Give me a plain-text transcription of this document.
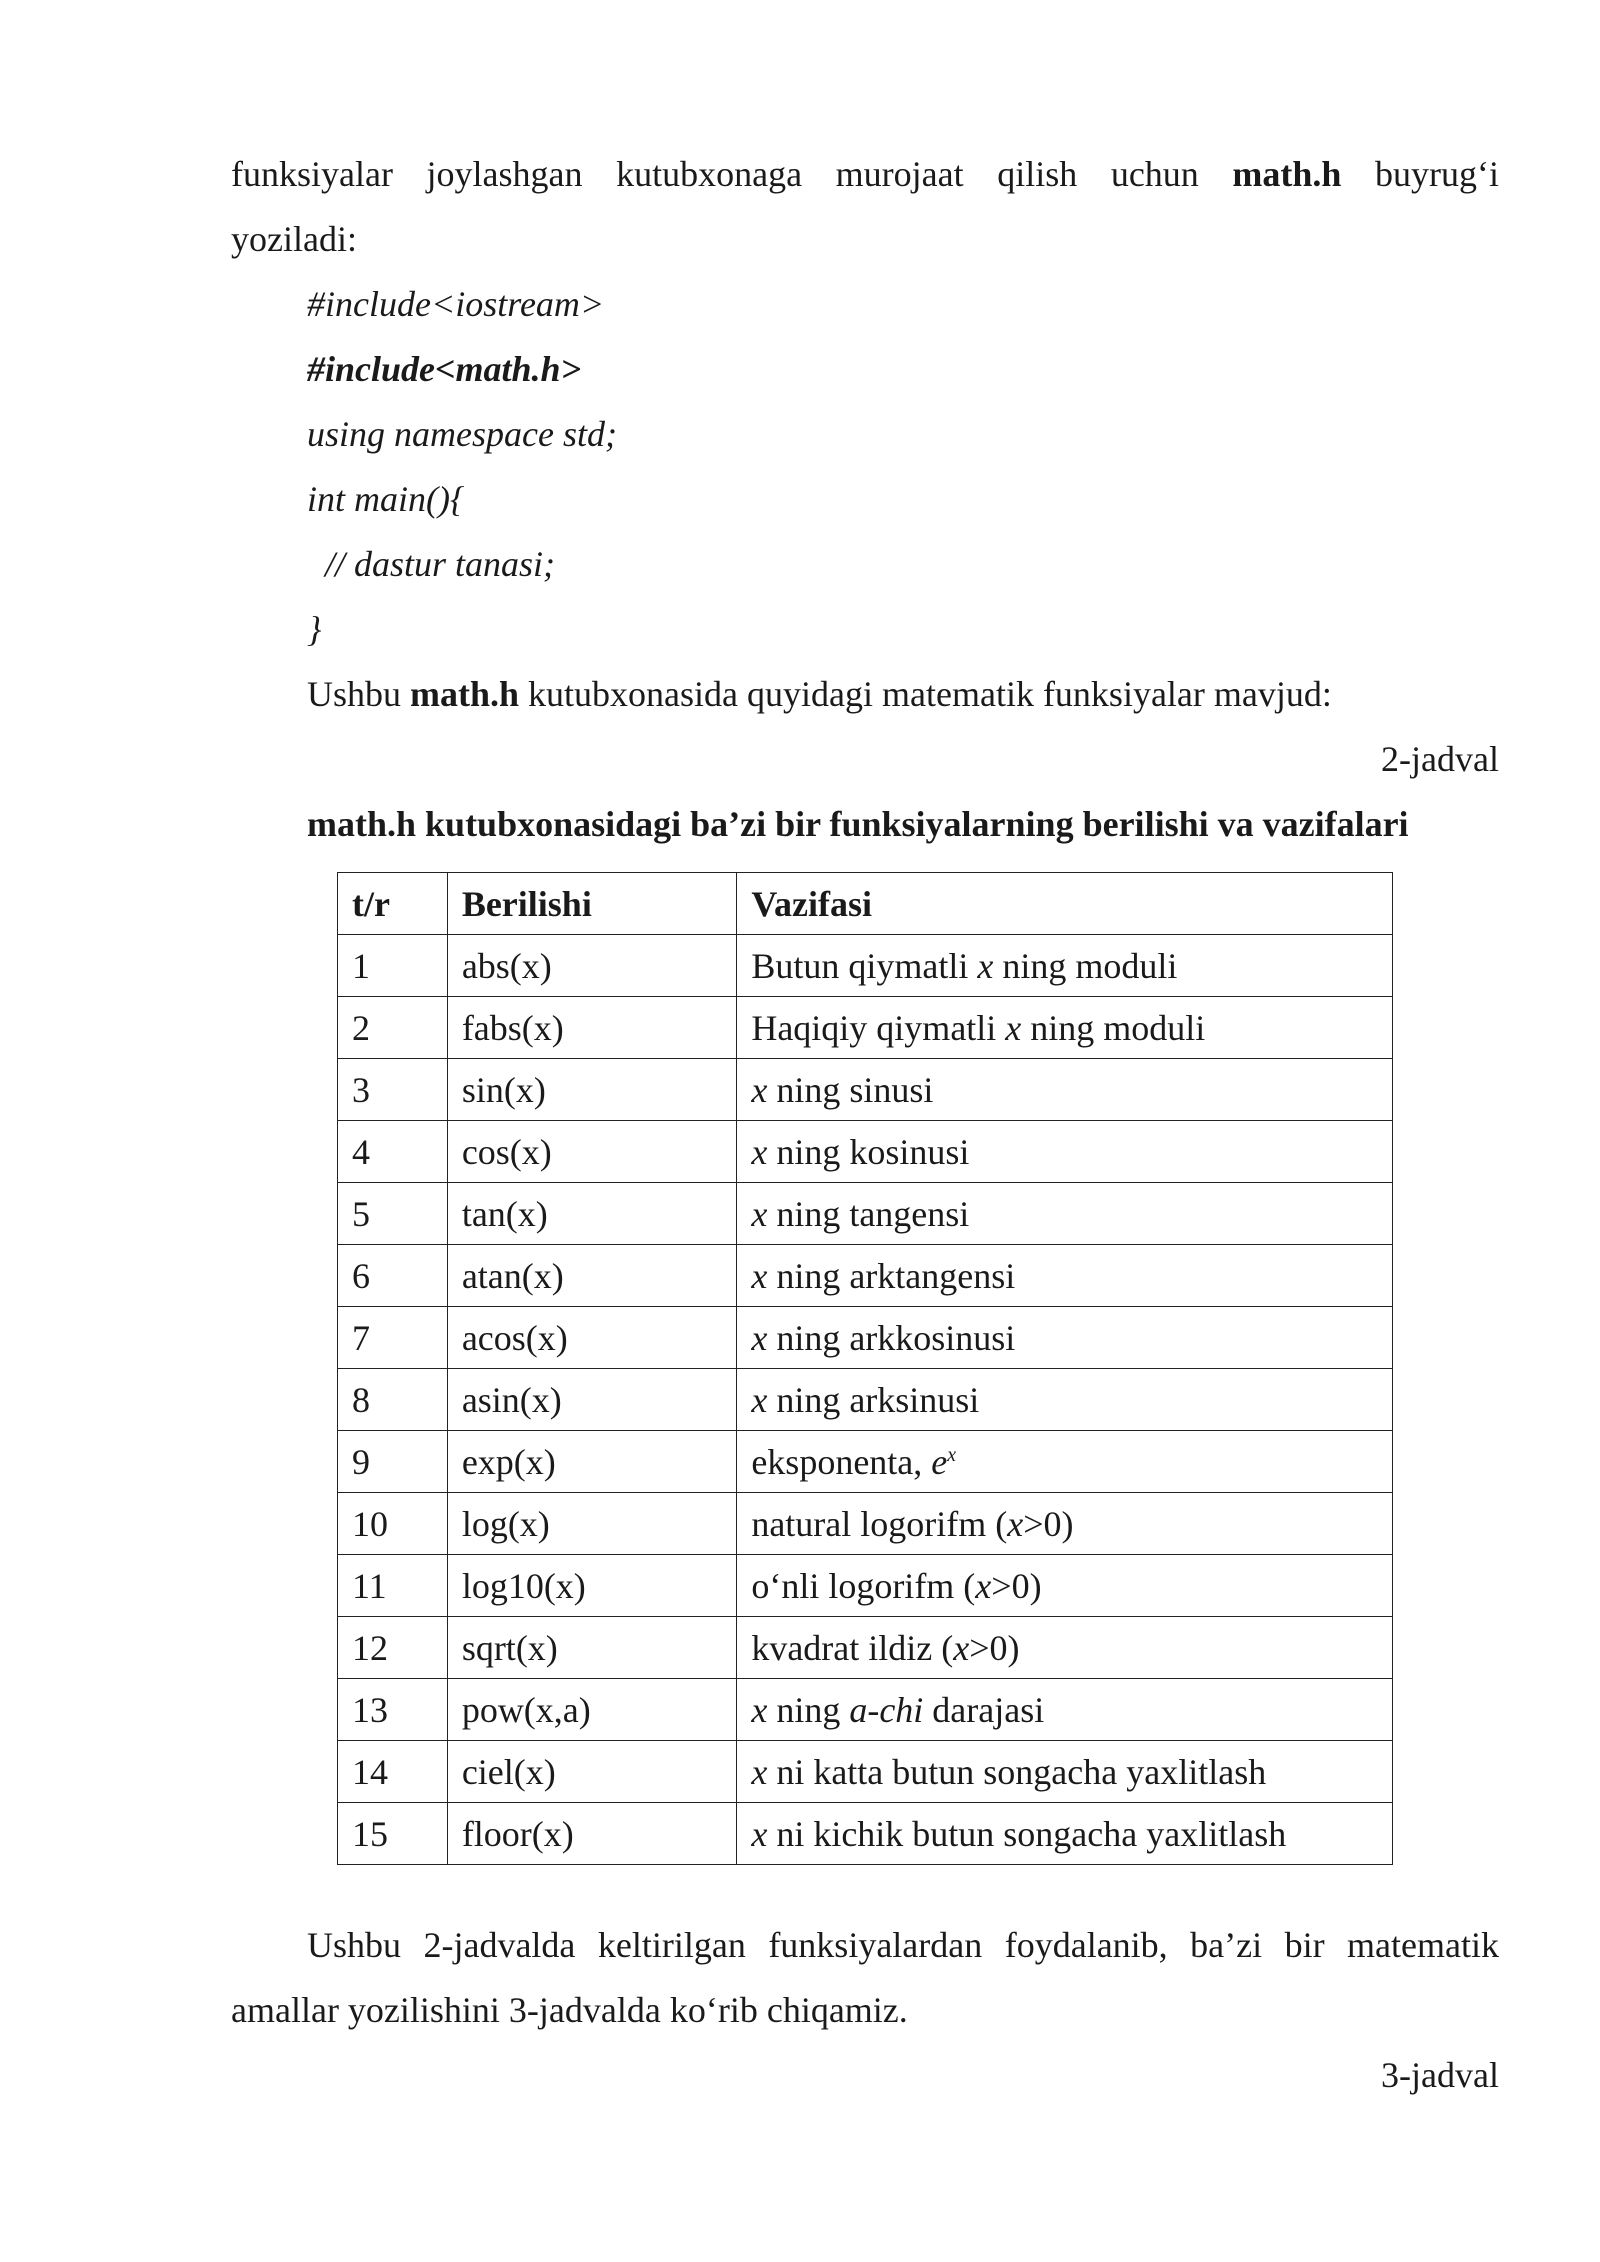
funksiyalar joylashgan kutubxonaga murojaat qilish uchun math.h buyrug‘i
yoziladi:
#include<iostream>
#include<math.h>
using namespace std;
int main(){
// dastur tanasi;
}
Ushbu math.h kutubxonasida quyidagi matematik funksiyalar mavjud:
2-jadval
math.h kutubxonasidagi ba’zi bir funksiyalarning berilishi va vazifalari
t/r	Berilishi	Vazifasi
1	abs(x)	Butun qiymatli x ning moduli
2	fabs(x)	Haqiqiy qiymatli x ning moduli
3	sin(x)	x ning sinusi
4	cos(x)	x ning kosinusi
5	tan(x)	x ning tangensi
6	atan(x)	x ning arktangensi
7	acos(x)	x ning arkkosinusi
8	asin(x)	x ning arksinusi
9	exp(x)	eksponenta, $e^x$
10	log(x)	natural logorifm (x>0)
11	log10(x)	o‘nli logorifm (x>0)
12	sqrt(x)	kvadrat ildiz (x>0)
13	pow(x,a)	x ning a-chi darajasi
14	ciel(x)	x ni katta butun songacha yaxlitlash
15	floor(x)	x ni kichik butun songacha yaxlitlash
Ushbu 2-jadvalda keltirilgan funksiyalardan foydalanib, ba’zi bir matematik
amallar yozilishini 3-jadvalda ko‘rib chiqamiz.
3-jadval
